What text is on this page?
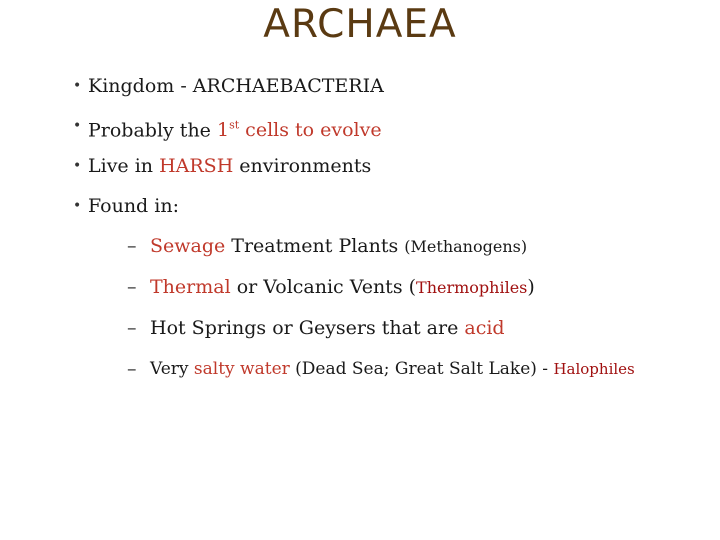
ARCHAEA
• Kingdom - ARCHAEBACTERIA
• Probably the 1st cells to evolve
• Live in HARSH environments
• Found in:
– Sewage Treatment Plants (Methanogens)
– Thermal or Volcanic Vents (Thermophiles)
– Hot Springs or Geysers that are acid
– Very salty water (Dead Sea; Great Salt Lake) - Halophiles
